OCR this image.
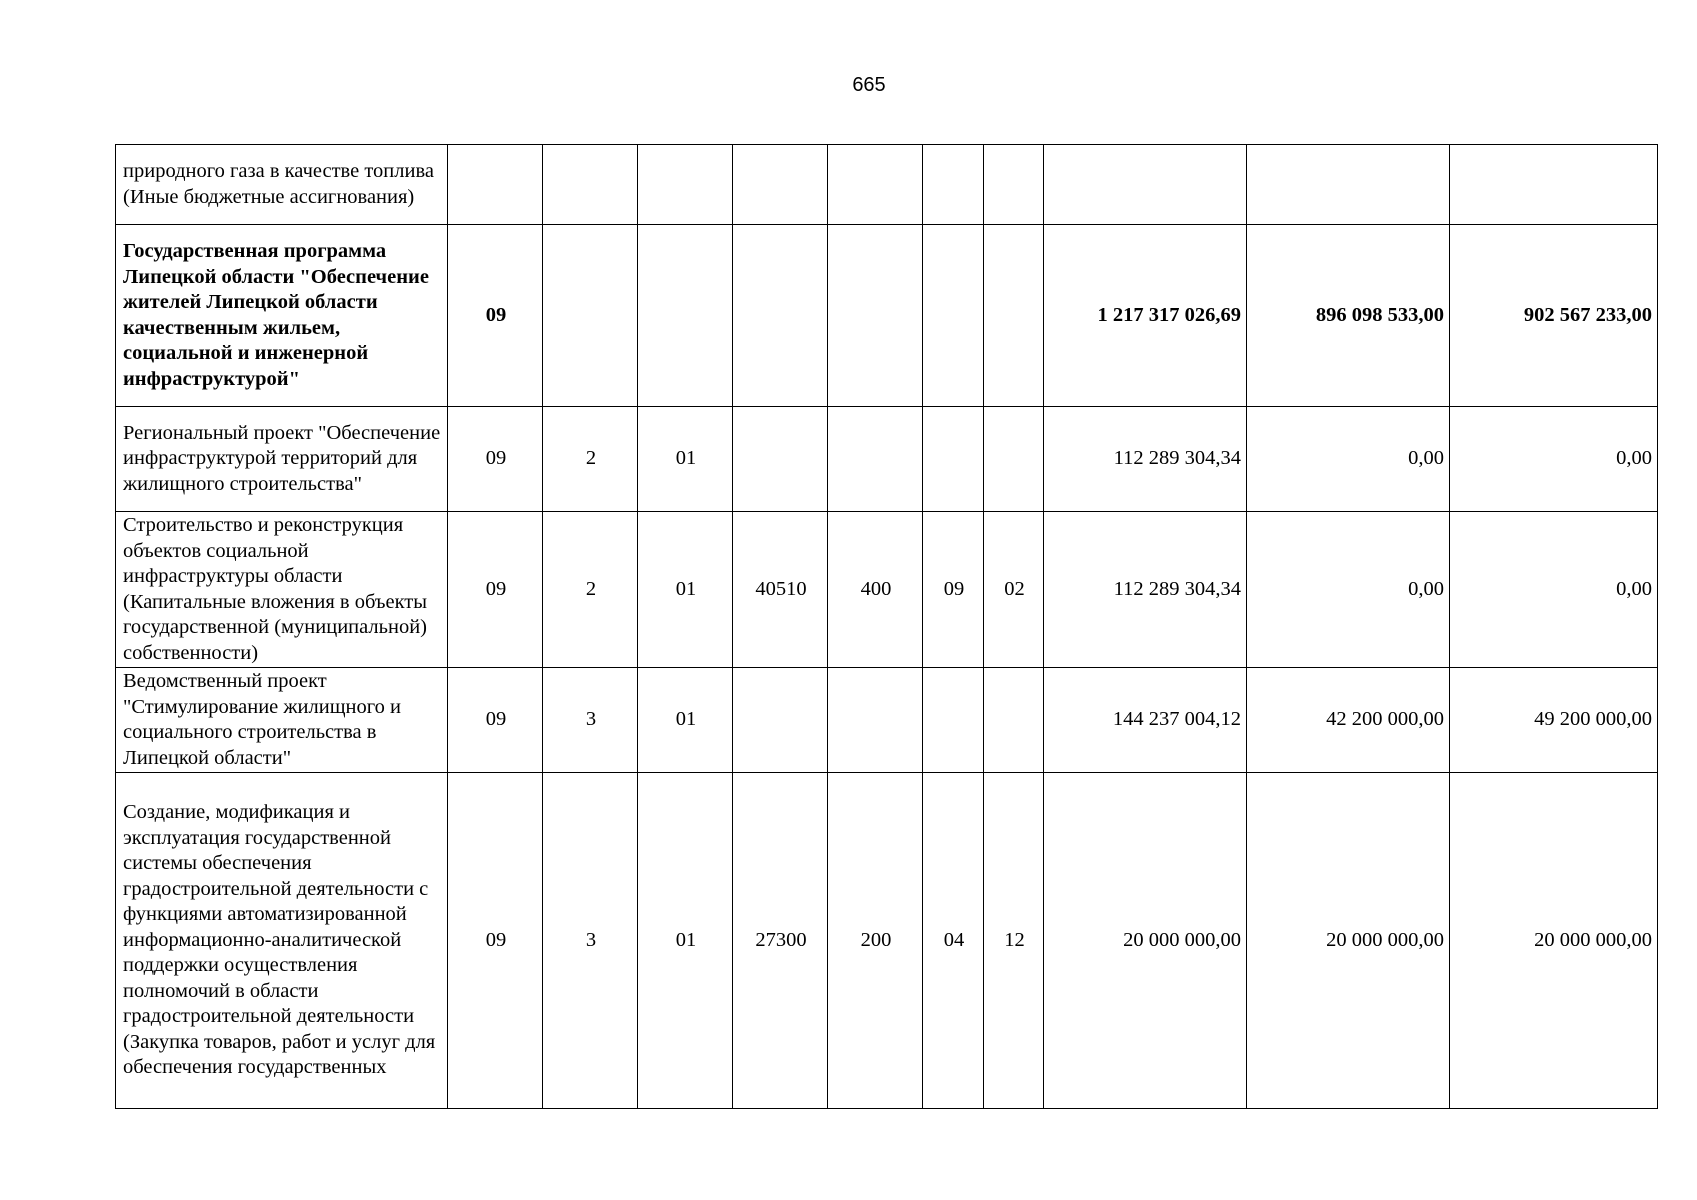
665
природного газа в качестве топлива (Иные бюджетные ассигнования)										
Государственная программа Липецкой области "Обеспечение жителей Липецкой области качественным жильем, социальной и инженерной инфраструктурой"	09							1 217 317 026,69	896 098 533,00	902 567 233,00
Региональный проект "Обеспечение инфраструктурой территорий для жилищного строительства"	09	2	01					112 289 304,34	0,00	0,00
Строительство и реконструкция объектов социальной инфраструктуры области (Капитальные вложения в объекты государственной (муниципальной) собственности)	09	2	01	40510	400	09	02	112 289 304,34	0,00	0,00
Ведомственный проект "Стимулирование жилищного и социального строительства в Липецкой области"	09	3	01					144 237 004,12	42 200 000,00	49 200 000,00
Создание, модификация и эксплуатация государственной системы обеспечения градостроительной деятельности с функциями автоматизированной информационно-аналитической поддержки осуществления полномочий в области градостроительной деятельности (Закупка товаров, работ и услуг для обеспечения государственных	09	3	01	27300	200	04	12	20 000 000,00	20 000 000,00	20 000 000,00
